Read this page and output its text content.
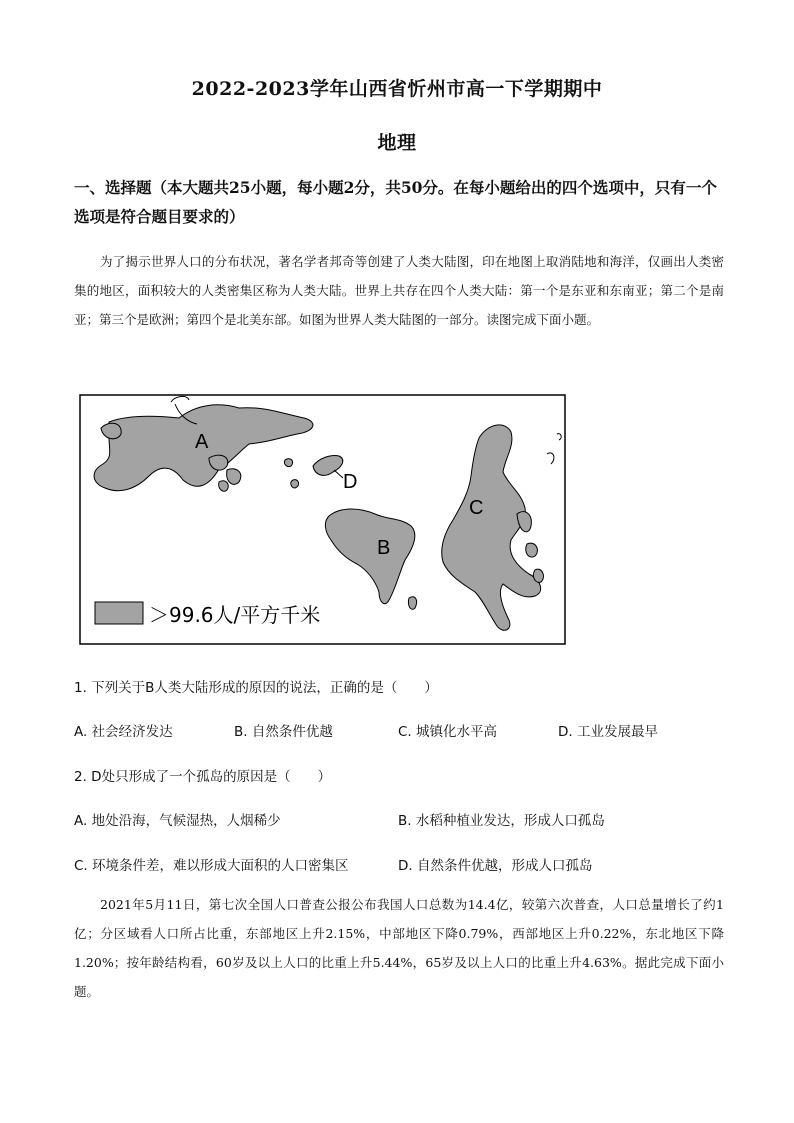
2022-2023学年山西省忻州市高一下学期期中
地理
一、选择题（本大题共25小题，每小题2分，共50分。在每小题给出的四个选项中，只有一个选项是符合题目要求的）
为了揭示世界人口的分布状况，著名学者邦奇等创建了人类大陆图，印在地图上取消陆地和海洋，仅画出人类密集的地区，面积较大的人类密集区称为人类大陆。世界上共存在四个人类大陆：第一个是东亚和东南亚；第二个是南亚；第三个是欧洲；第四个是北美东部。如图为世界人类大陆图的一部分。读图完成下面小题。
A
B
C
D
＞99.6人/平方千米
1. 下列关于B人类大陆形成的原因的说法，正确的是（　　）
A. 社会经济发达	B. 自然条件优越	C. 城镇化水平高	D. 工业发展最早
2. D处只形成了一个孤岛的原因是（　　）
A. 地处沿海，气候湿热，人烟稀少	B. 水稻种植业发达，形成人口孤岛
C. 环境条件差，难以形成大面积的人口密集区	D. 自然条件优越，形成人口孤岛
2021年5月11日，第七次全国人口普查公报公布我国人口总数为14.4亿，较第六次普查，人口总量增长了约1亿；分区域看人口所占比重，东部地区上升2.15%，中部地区下降0.79%，西部地区上升0.22%，东北地区下降1.20%；按年龄结构看，60岁及以上人口的比重上升5.44%，65岁及以上人口的比重上升4.63%。据此完成下面小题。
